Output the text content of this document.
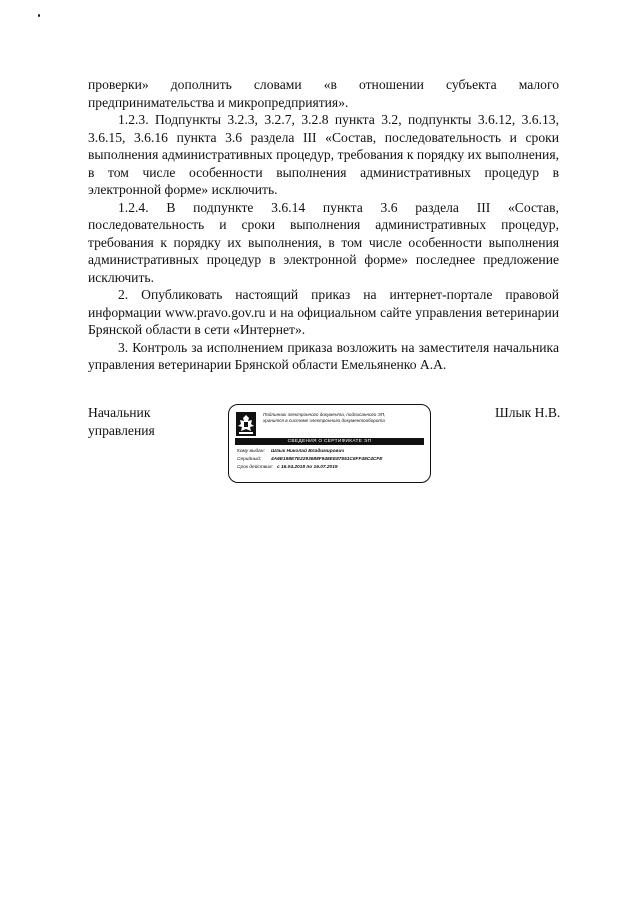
проверки» дополнить словами «в отношении субъекта малого предпринимательства и микропредприятия».

1.2.3. Подпункты 3.2.3, 3.2.7, 3.2.8 пункта 3.2, подпункты 3.6.12, 3.6.13, 3.6.15, 3.6.16 пункта 3.6 раздела III «Состав, последовательность и сроки выполнения административных процедур, требования к порядку их выполнения, в том числе особенности выполнения административных процедур в электронной форме» исключить.

1.2.4. В подпункте 3.6.14 пункта 3.6 раздела III «Состав, последовательность и сроки выполнения административных процедур, требования к порядку их выполнения, в том числе особенности выполнения административных процедур в электронной форме» последнее предложение исключить.

2. Опубликовать настоящий приказ на интернет-портале правовой информации www.pravo.gov.ru и на официальном сайте управления ветеринарии Брянской области в сети «Интернет».

3. Контроль за исполнением приказа возложить на заместителя начальника управления ветеринарии Брянской области Емельяненко А.А.

Начальник
управления
Подлинник электронного документа, подписанного ЭП,
хранится в системе электронного документооборота
СВЕДЕНИЯ О СЕРТИФИКАТЕ ЭП
Кому выдан:	Шлык Николай Владимирович
Серийный:	4A6E198E7E2293688F948EE87551C6FF48C4CFE
Срок действия: с 16.04.2018 по 16.07.2019
Шлык Н.В.
